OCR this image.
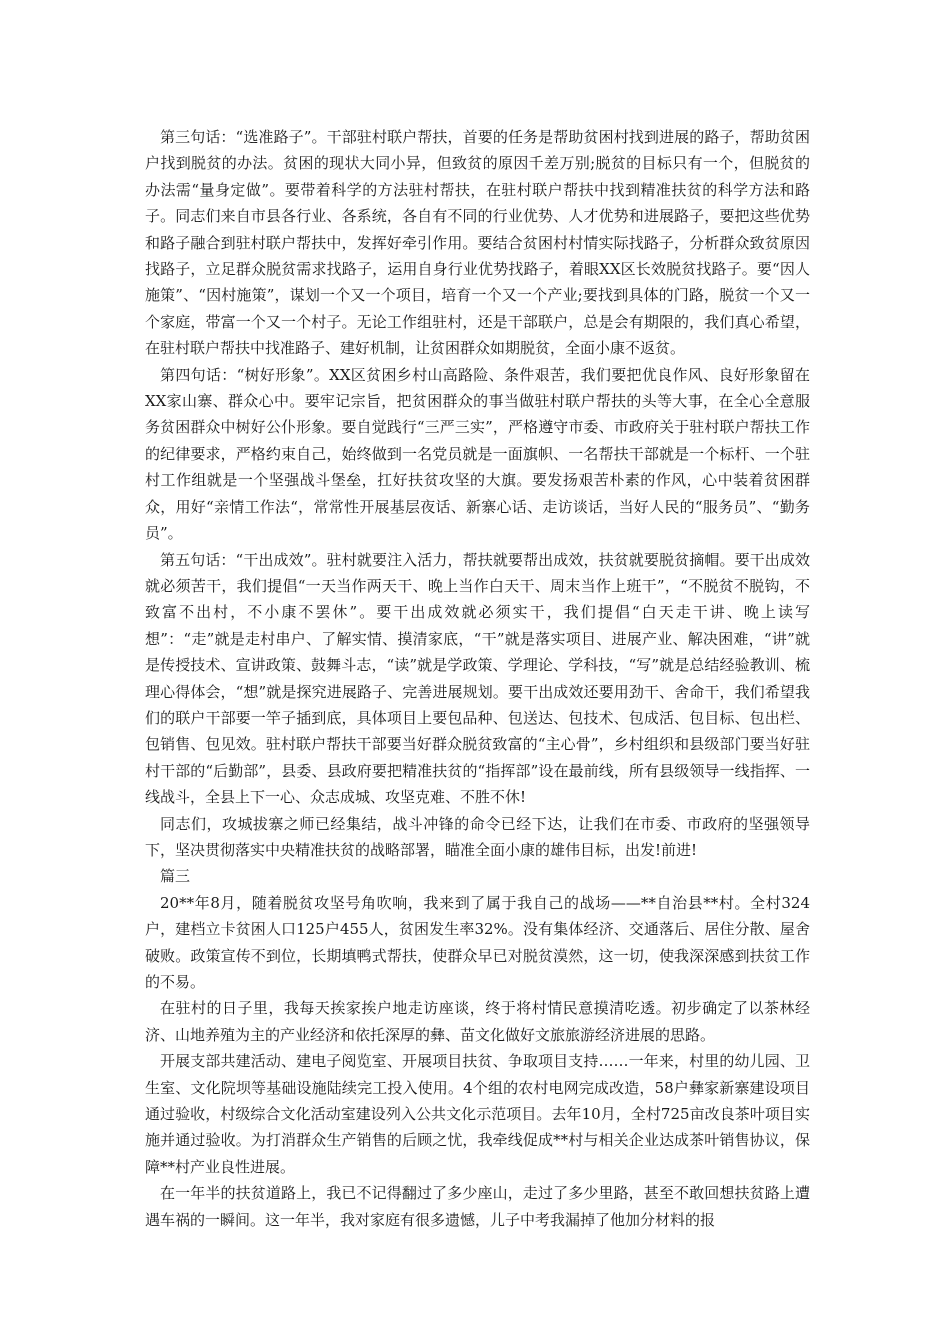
第三句话：“选准路子”。干部驻村联户帮扶，首要的任务是帮助贫困村找到进展的路子，帮助贫困户找到脱贫的办法。贫困的现状大同小异，但致贫的原因千差万别;脱贫的目标只有一个，但脱贫的办法需“量身定做”。要带着科学的方法驻村帮扶，在驻村联户帮扶中找到精准扶贫的科学方法和路子。同志们来自市县各行业、各系统，各自有不同的行业优势、人才优势和进展路子，要把这些优势和路子融合到驻村联户帮扶中，发挥好牵引作用。要结合贫困村村情实际找路子，分析群众致贫原因找路子，立足群众脱贫需求找路子，运用自身行业优势找路子，着眼XX区长效脱贫找路子。要“因人施策”、“因村施策”，谋划一个又一个项目，培育一个又一个产业;要找到具体的门路，脱贫一个又一个家庭，带富一个又一个村子。无论工作组驻村，还是干部联户，总是会有期限的，我们真心希望，在驻村联户帮扶中找准路子、建好机制，让贫困群众如期脱贫，全面小康不返贫。

第四句话：“树好形象”。XX区贫困乡村山高路险、条件艰苦，我们要把优良作风、良好形象留在XX家山寨、群众心中。要牢记宗旨，把贫困群众的事当做驻村联户帮扶的头等大事，在全心全意服务贫困群众中树好公仆形象。要自觉践行“三严三实”，严格遵守市委、市政府关于驻村联户帮扶工作的纪律要求，严格约束自己，始终做到一名党员就是一面旗帜、一名帮扶干部就是一个标杆、一个驻村工作组就是一个坚强战斗堡垒，扛好扶贫攻坚的大旗。要发扬艰苦朴素的作风，心中装着贫困群众，用好“亲情工作法“，常常性开展基层夜话、新寨心话、走访谈话，当好人民的“服务员”、“勤务员”。

第五句话：“干出成效”。驻村就要注入活力，帮扶就要帮出成效，扶贫就要脱贫摘帽。要干出成效就必须苦干，我们提倡“一天当作两天干、晚上当作白天干、周末当作上班干”，“不脱贫不脱钩，不致富不出村，不小康不罢休”。要干出成效就必须实干，我们提倡“白天走干讲、晚上读写想”：“走”就是走村串户、了解实情、摸清家底，“干”就是落实项目、进展产业、解决困难，“讲”就是传授技术、宣讲政策、鼓舞斗志，“读”就是学政策、学理论、学科技，“写”就是总结经验教训、梳理心得体会，“想”就是探究进展路子、完善进展规划。要干出成效还要用劲干、舍命干，我们希望我们的联户干部要一竿子插到底，具体项目上要包品种、包送达、包技术、包成活、包目标、包出栏、包销售、包见效。驻村联户帮扶干部要当好群众脱贫致富的“主心骨”，乡村组织和县级部门要当好驻村干部的“后勤部”，县委、县政府要把精准扶贫的“指挥部”设在最前线，所有县级领导一线指挥、一线战斗，全县上下一心、众志成城、攻坚克难、不胜不休!

同志们，攻城拔寨之师已经集结，战斗冲锋的命令已经下达，让我们在市委、市政府的坚强领导下，坚决贯彻落实中央精准扶贫的战略部署，瞄准全面小康的雄伟目标，出发!前进!

篇三

20**年8月，随着脱贫攻坚号角吹响，我来到了属于我自己的战场——**自治县**村。全村324户，建档立卡贫困人口125户455人，贫困发生率32%。没有集体经济、交通落后、居住分散、屋舍破败。政策宣传不到位，长期填鸭式帮扶，使群众早已对脱贫漠然，这一切，使我深深感到扶贫工作的不易。

在驻村的日子里，我每天挨家挨户地走访座谈，终于将村情民意摸清吃透。初步确定了以茶林经济、山地养殖为主的产业经济和依托深厚的彝、苗文化做好文旅旅游经济进展的思路。

开展支部共建活动、建电子阅览室、开展项目扶贫、争取项目支持……一年来，村里的幼儿园、卫生室、文化院坝等基础设施陆续完工投入使用。4个组的农村电网完成改造，58户彝家新寨建设项目通过验收，村级综合文化活动室建设列入公共文化示范项目。去年10月，全村725亩改良茶叶项目实施并通过验收。为打消群众生产销售的后顾之忧，我牵线促成**村与相关企业达成茶叶销售协议，保障**村产业良性进展。

在一年半的扶贫道路上，我已不记得翻过了多少座山，走过了多少里路，甚至不敢回想扶贫路上遭遇车祸的一瞬间。这一年半，我对家庭有很多遗憾，儿子中考我漏掉了他加分材料的报
